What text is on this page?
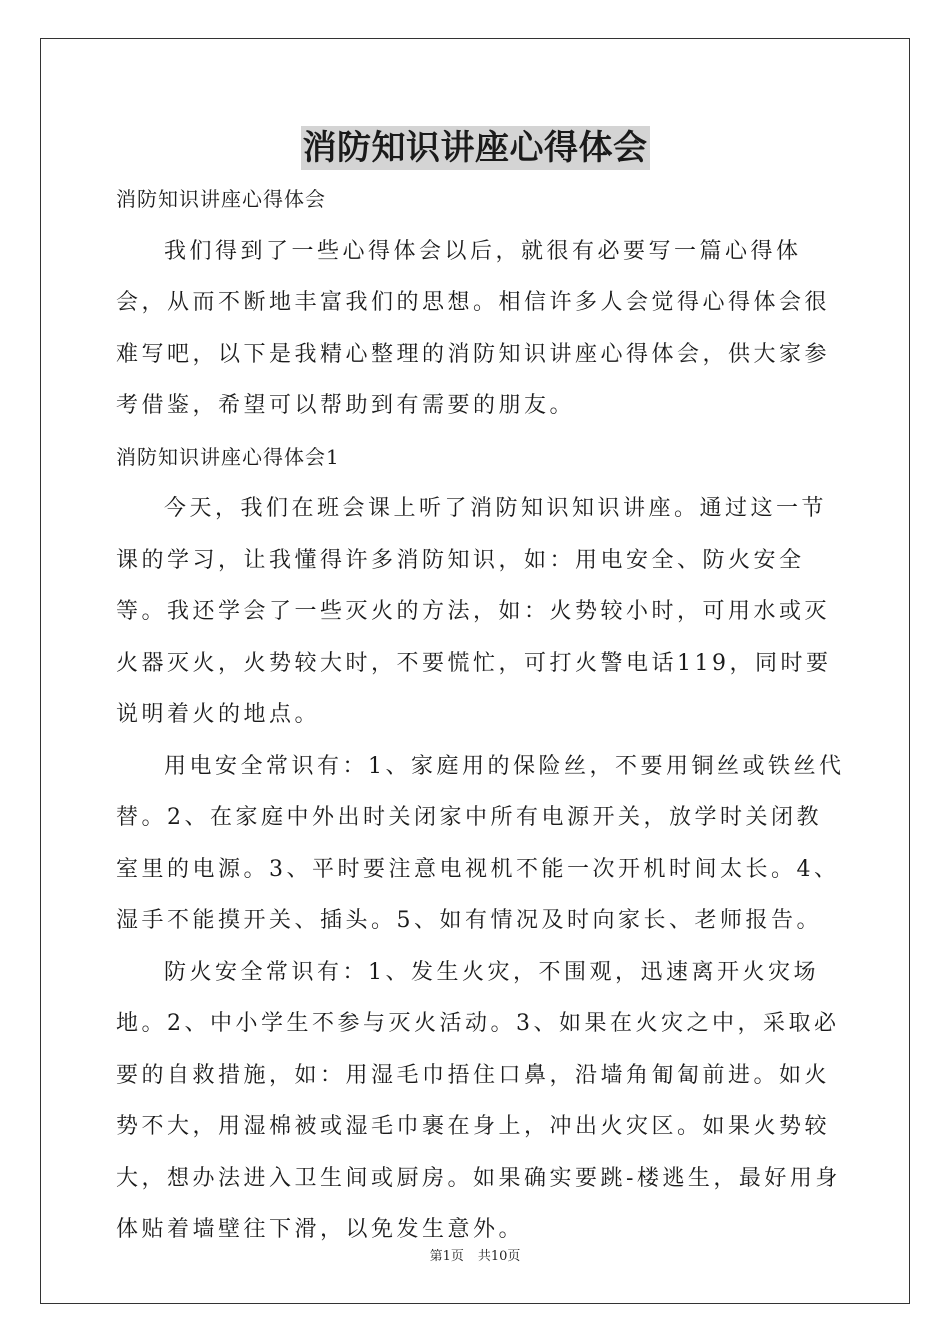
消防知识讲座心得体会

消防知识讲座心得体会

我们得到了一些心得体会以后，就很有必要写一篇心得体会，从而不断地丰富我们的思想。相信许多人会觉得心得体会很难写吧，以下是我精心整理的消防知识讲座心得体会，供大家参考借鉴，希望可以帮助到有需要的朋友。

消防知识讲座心得体会1

今天，我们在班会课上听了消防知识知识讲座。通过这一节课的学习，让我懂得许多消防知识，如：用电安全、防火安全等。我还学会了一些灭火的方法，如：火势较小时，可用水或灭火器灭火，火势较大时，不要慌忙，可打火警电话119，同时要说明着火的地点。

用电安全常识有：1、家庭用的保险丝，不要用铜丝或铁丝代替。2、在家庭中外出时关闭家中所有电源开关，放学时关闭教室里的电源。3、平时要注意电视机不能一次开机时间太长。4、湿手不能摸开关、插头。5、如有情况及时向家长、老师报告。

防火安全常识有：1、发生火灾，不围观，迅速离开火灾场地。2、中小学生不参与灭火活动。3、如果在火灾之中，采取必要的自救措施，如：用湿毛巾捂住口鼻，沿墙角匍匐前进。如火势不大，用湿棉被或湿毛巾裹在身上，冲出火灾区。如果火势较大，想办法进入卫生间或厨房。如果确实要跳-楼逃生，最好用身体贴着墙壁往下滑，以免发生意外。

第1页 共10页
